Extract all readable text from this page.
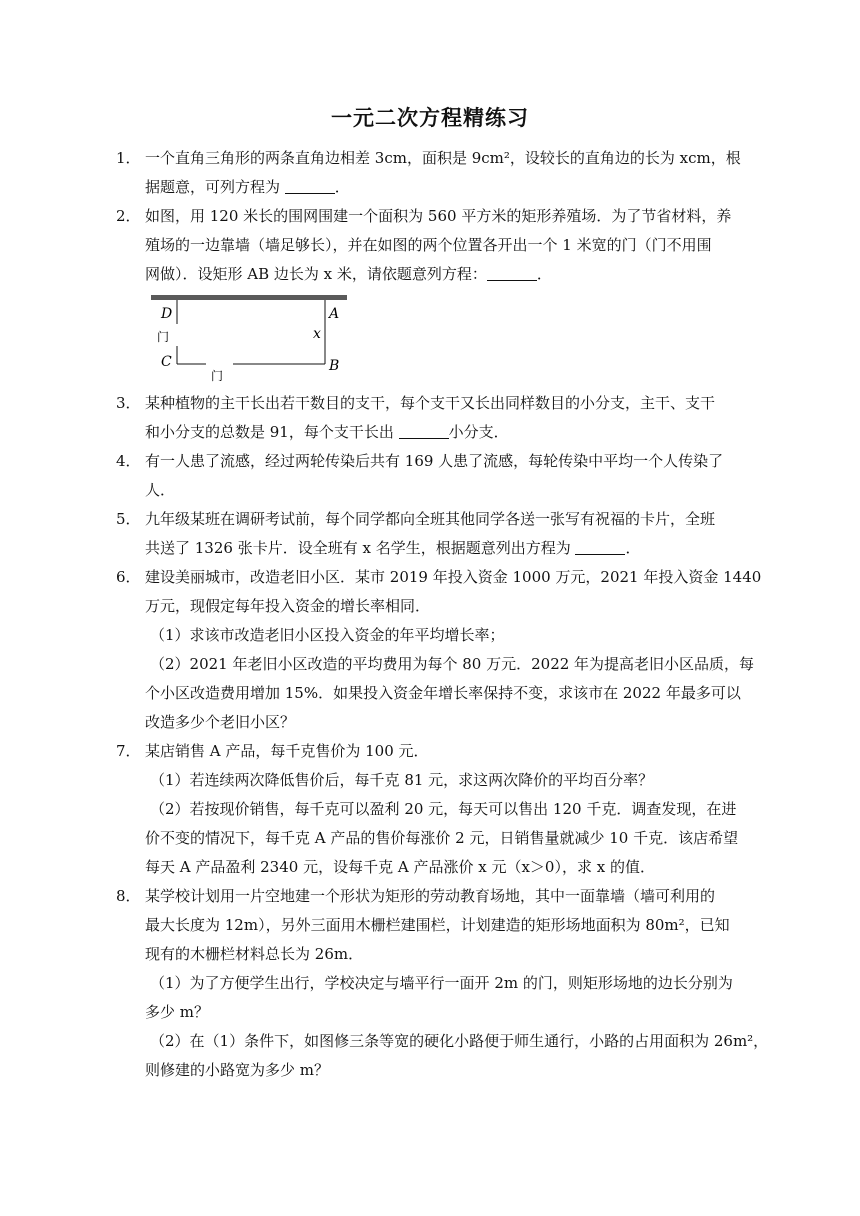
一元二次方程精练习
1． 一个直角三角形的两条直角边相差 3cm，面积是 9cm²，设较长的直角边的长为 xcm，根
据题意，可列方程为	．
2． 如图，用 120 米长的围网围建一个面积为 560 平方米的矩形养殖场．为了节省材料，养
殖场的一边靠墙（墙足够长），并在如图的两个位置各开出一个 1 米宽的门（门不用围
网做）．设矩形 AB 边长为 x 米，请依题意列方程：	．
D	A
x
C	B
门
门
3． 某种植物的主干长出若干数目的支干，每个支干又长出同样数目的小分支，主干、支干
和小分支的总数是 91，每个支干长出	小分支．
4． 有一人患了流感，经过两轮传染后共有 169 人患了流感，每轮传染中平均一个人传染了
人．
5． 九年级某班在调研考试前，每个同学都向全班其他同学各送一张写有祝福的卡片，全班
共送了 1326 张卡片．设全班有 x 名学生，根据题意列出方程为	．
6． 建设美丽城市，改造老旧小区．某市 2019 年投入资金 1000 万元，2021 年投入资金 1440
万元，现假定每年投入资金的增长率相同．
（1）求该市改造老旧小区投入资金的年平均增长率；
（2）2021 年老旧小区改造的平均费用为每个 80 万元．2022 年为提高老旧小区品质，每
个小区改造费用增加 15%．如果投入资金年增长率保持不变，求该市在 2022 年最多可以
改造多少个老旧小区？
7． 某店销售 A 产品，每千克售价为 100 元．
（1）若连续两次降低售价后，每千克 81 元，求这两次降价的平均百分率？
（2）若按现价销售，每千克可以盈利 20 元，每天可以售出 120 千克．调查发现，在进
价不变的情况下，每千克 A 产品的售价每涨价 2 元，日销售量就减少 10 千克．该店希望
每天 A 产品盈利 2340 元，设每千克 A 产品涨价 x 元（x＞0），求 x 的值．
8． 某学校计划用一片空地建一个形状为矩形的劳动教育场地，其中一面靠墙（墙可利用的
最大长度为 12m），另外三面用木栅栏建围栏，计划建造的矩形场地面积为 80m²，已知
现有的木栅栏材料总长为 26m．
（1）为了方便学生出行，学校决定与墙平行一面开 2m 的门，则矩形场地的边长分别为
多少 m？
（2）在（1）条件下，如图修三条等宽的硬化小路便于师生通行，小路的占用面积为 26m²，
则修建的小路宽为多少 m？
